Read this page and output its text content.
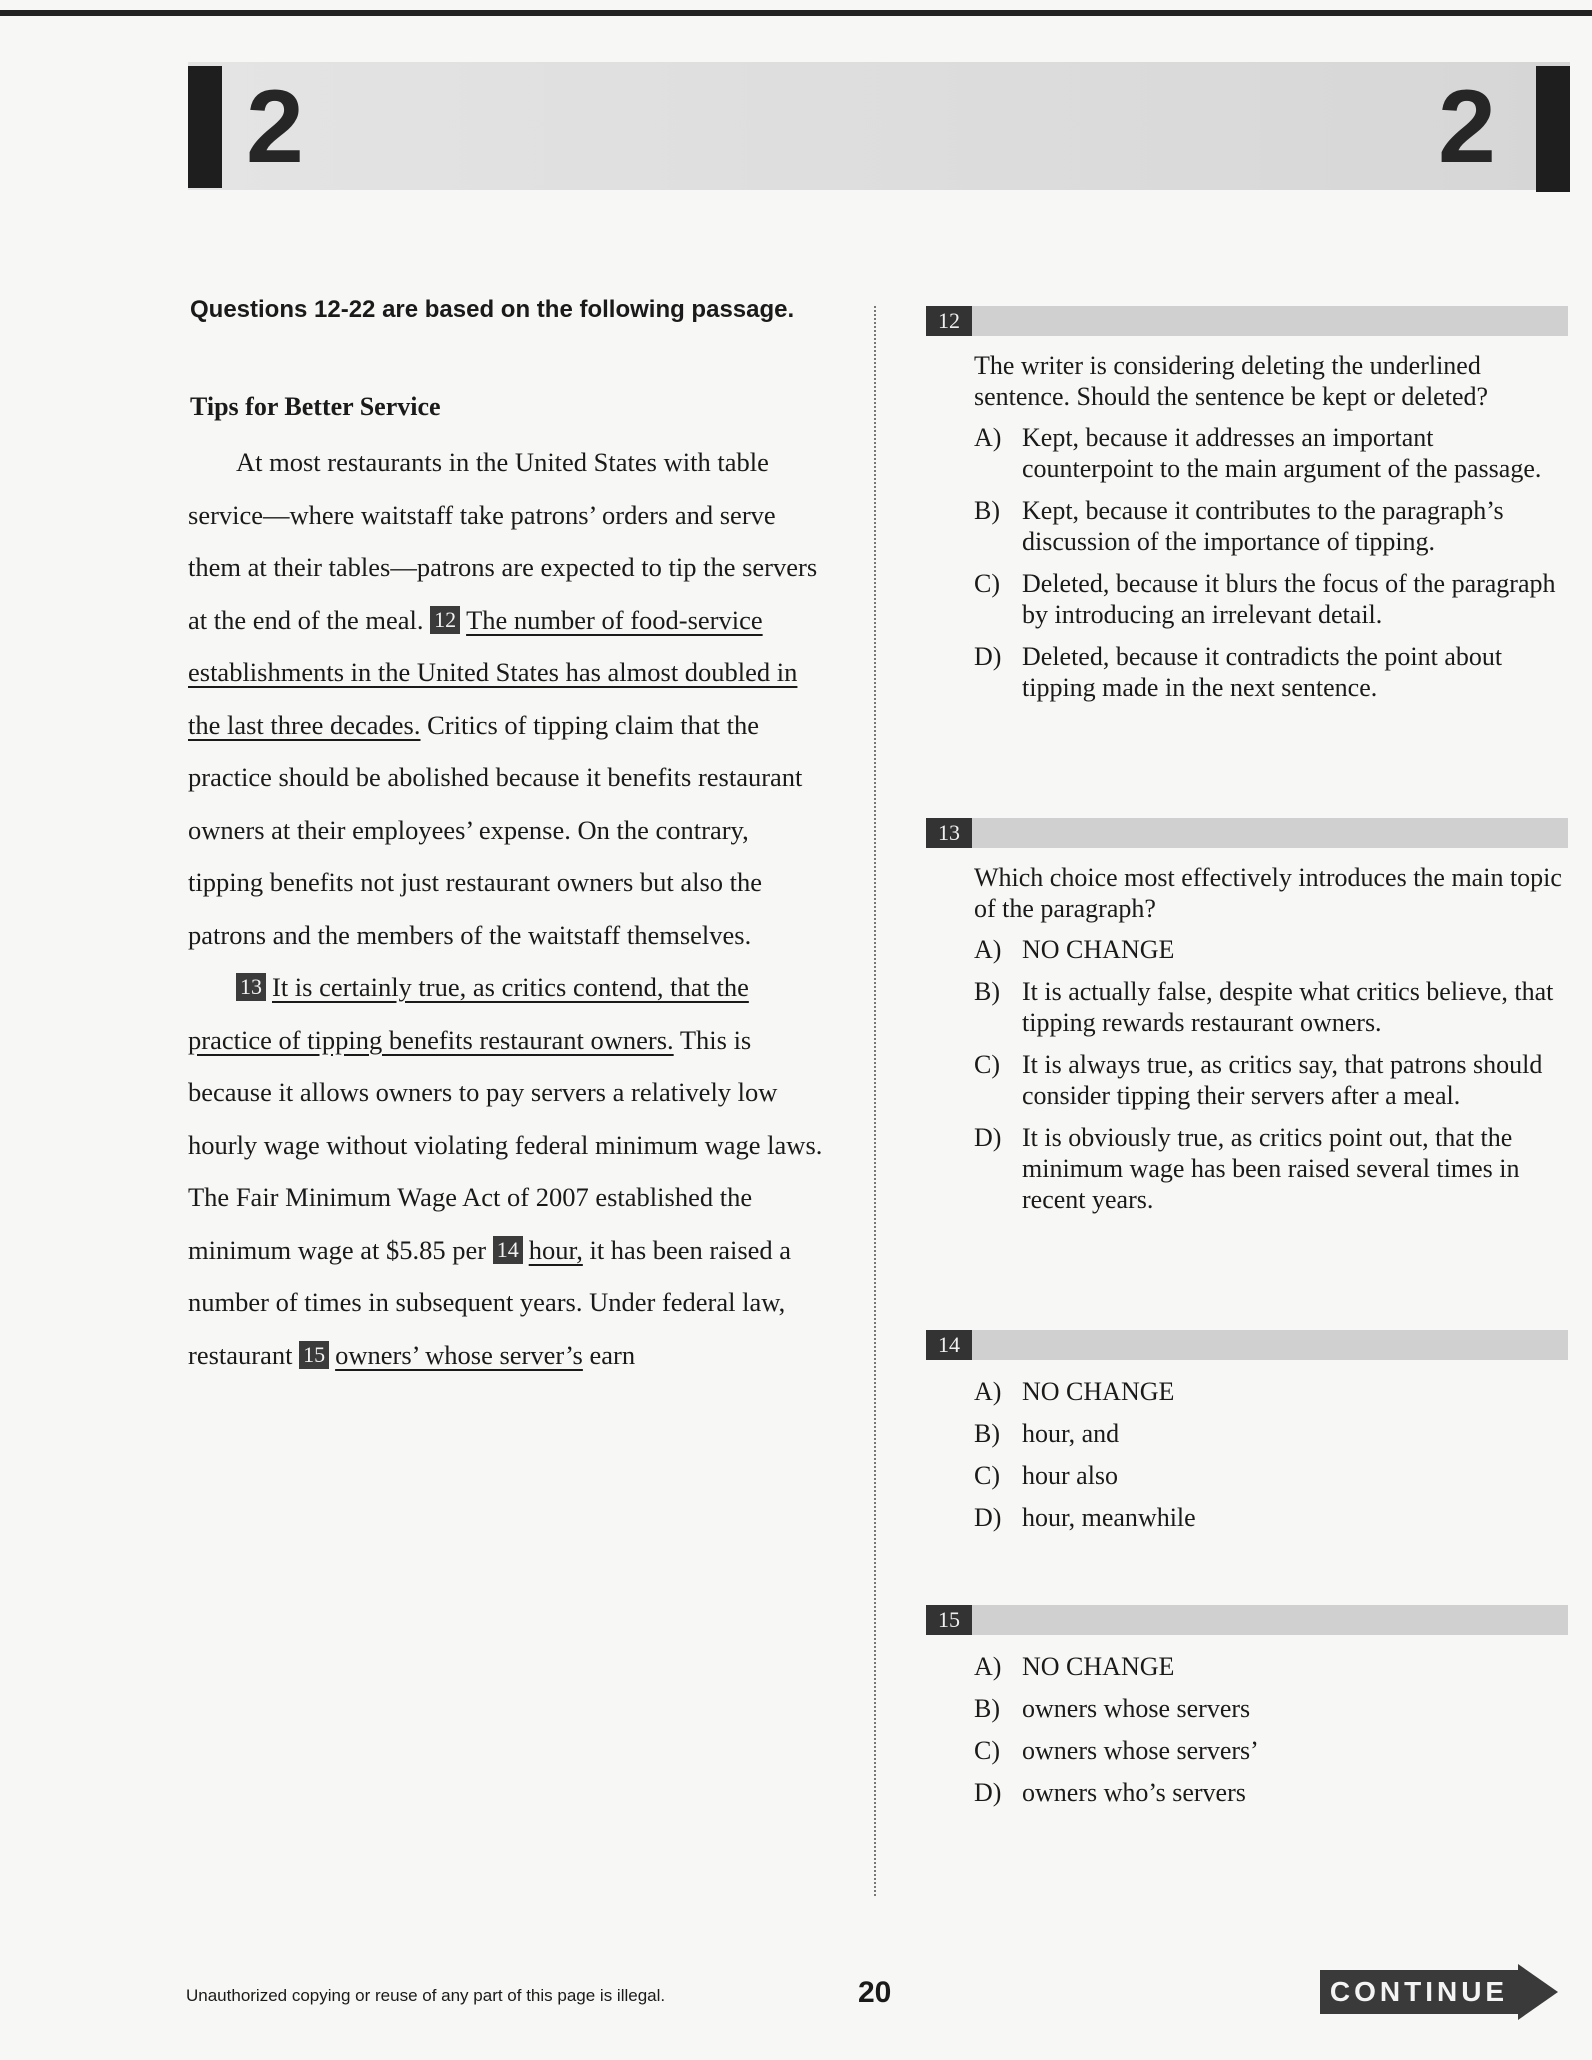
2	2
Questions 12-22 are based on the following passage.
Tips for Better Service

At most restaurants in the United States with table service—where waitstaff take patrons’ orders and serve them at their tables—patrons are expected to tip the servers at the end of the meal. 12 The number of food-service establishments in the United States has almost doubled in the last three decades. Critics of tipping claim that the practice should be abolished because it benefits restaurant owners at their employees’ expense. On the contrary, tipping benefits not just restaurant owners but also the patrons and the members of the waitstaff themselves.

13 It is certainly true, as critics contend, that the practice of tipping benefits restaurant owners. This is because it allows owners to pay servers a relatively low hourly wage without violating federal minimum wage laws. The Fair Minimum Wage Act of 2007 established the minimum wage at $5.85 per 14 hour, it has been raised a number of times in subsequent years. Under federal law, restaurant 15 owners’ whose server’s earn

12
The writer is considering deleting the underlined sentence. Should the sentence be kept or deleted?
A) Kept, because it addresses an important counterpoint to the main argument of the passage.
B) Kept, because it contributes to the paragraph’s discussion of the importance of tipping.
C) Deleted, because it blurs the focus of the paragraph by introducing an irrelevant detail.
D) Deleted, because it contradicts the point about tipping made in the next sentence.
13
Which choice most effectively introduces the main topic of the paragraph?
A) NO CHANGE
B) It is actually false, despite what critics believe, that tipping rewards restaurant owners.
C) It is always true, as critics say, that patrons should consider tipping their servers after a meal.
D) It is obviously true, as critics point out, that the minimum wage has been raised several times in recent years.
14
A) NO CHANGE
B) hour, and
C) hour also
D) hour, meanwhile
15
A) NO CHANGE
B) owners whose servers
C) owners whose servers’
D) owners who’s servers
Unauthorized copying or reuse of any part of this page is illegal.	20	CONTINUE
